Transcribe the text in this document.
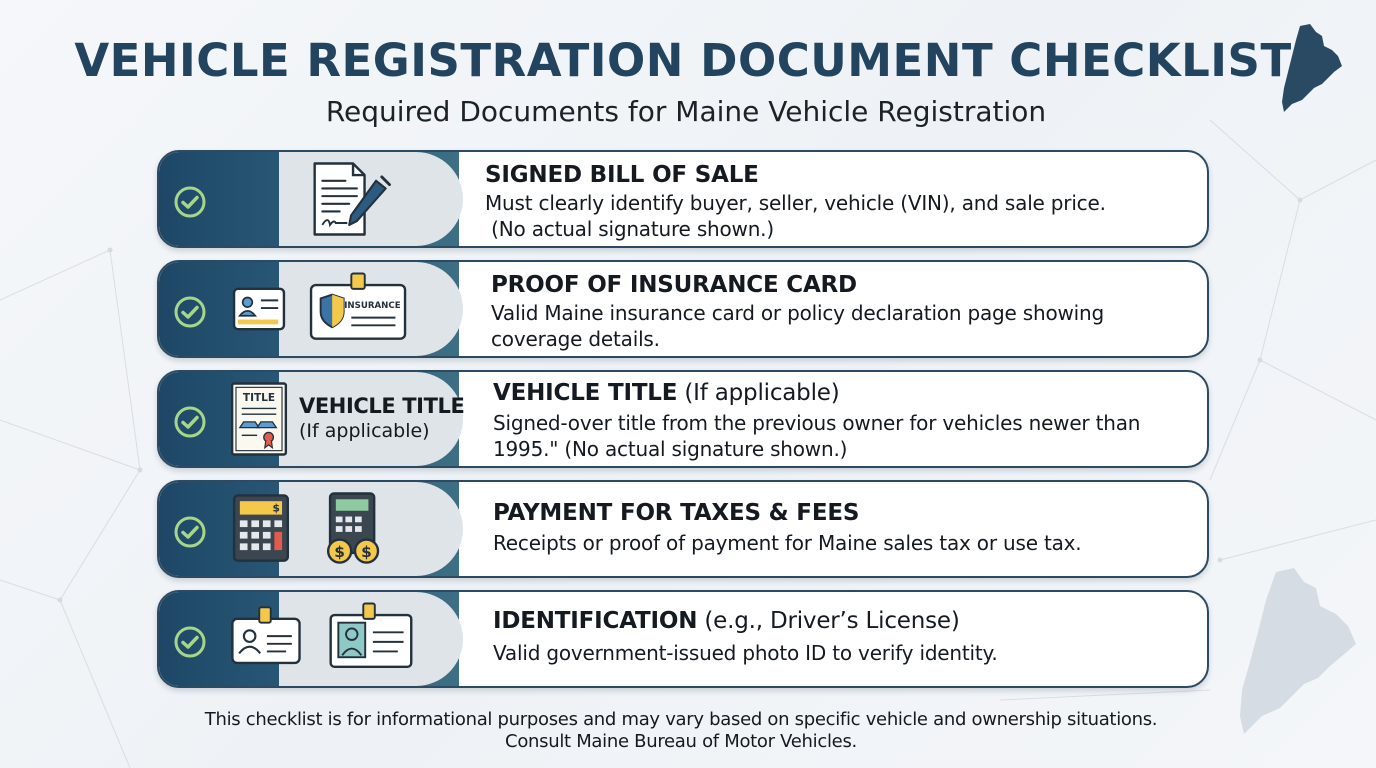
VEHICLE REGISTRATION DOCUMENT CHECKLIST
Required Documents for Maine Vehicle Registration
SIGNED BILL OF SALE
Must clearly identify buyer, seller, vehicle (VIN), and sale price.
(No actual signature shown.)
INSURANCE
PROOF OF INSURANCE CARD
Valid Maine insurance card or policy declaration page showing
coverage details.
TITLE VEHICLE TITLE
(If applicable)
VEHICLE TITLE (If applicable)
Signed-over title from the previous owner for vehicles newer than
1995." (No actual signature shown.)
$
$ $
PAYMENT FOR TAXES & FEES
Receipts or proof of payment for Maine sales tax or use tax.
IDENTIFICATION (e.g., Driver’s License)
Valid government-issued photo ID to verify identity.
This checklist is for informational purposes and may vary based on specific vehicle and ownership situations.
Consult Maine Bureau of Motor Vehicles.
